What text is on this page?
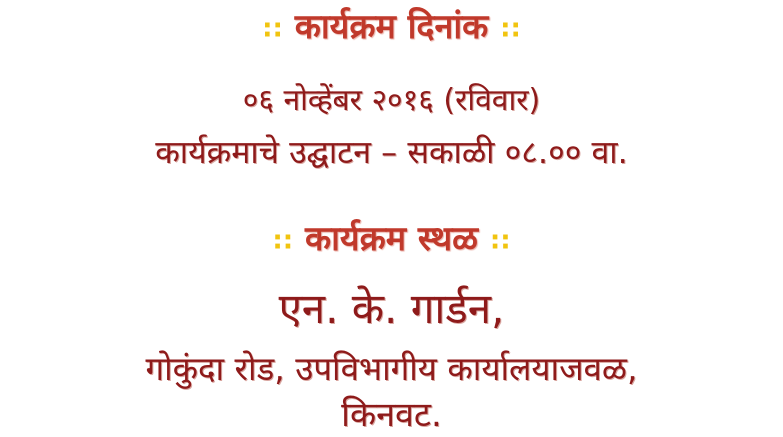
:: कार्यक्रम दिनांक ::
०६ नोव्हेंबर २०१६ (रविवार)
कार्यक्रमाचे उद्घाटन – सकाळी ०८.०० वा.
:: कार्यक्रम स्थळ ::
एन. के. गार्डन,
गोकुंदा रोड, उपविभागीय कार्यालयाजवळ,
किनवट.
